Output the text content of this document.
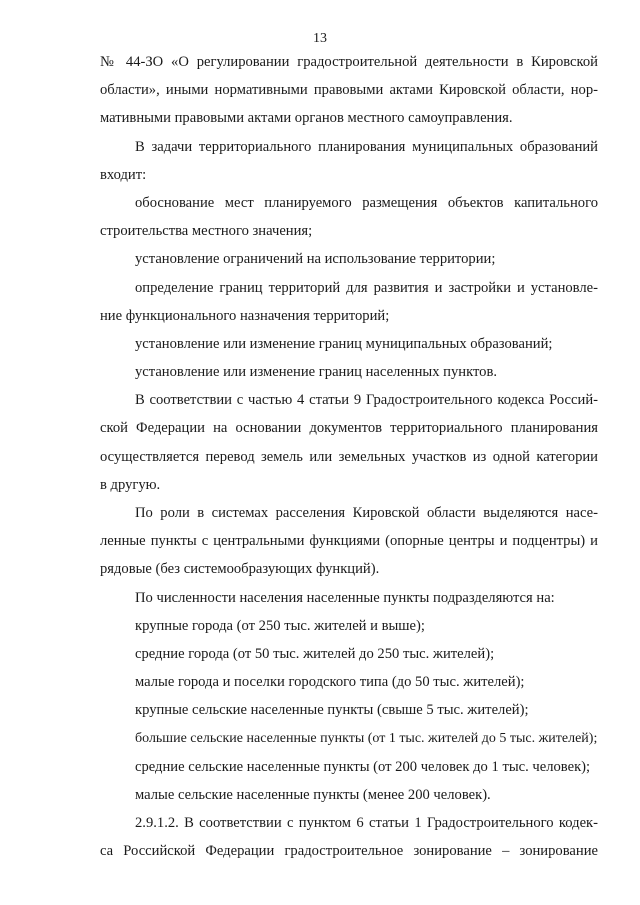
13
№ 44-ЗО «О регулировании градостроительной деятельности в Кировской
области», иными нормативными правовыми актами Кировской области, нор-
мативными правовыми актами органов местного самоуправления.
В задачи территориального планирования муниципальных образований
входит:
обоснование мест планируемого размещения объектов капитального
строительства местного значения;
установление ограничений на использование территории;
определение границ территорий для развития и застройки и установле-
ние функционального назначения территорий;
установление или изменение границ муниципальных образований;
установление или изменение границ населенных пунктов.
В соответствии с частью 4 статьи 9 Градостроительного кодекса Россий-
ской Федерации на основании документов территориального планирования
осуществляется перевод земель или земельных участков из одной категории
в другую.
По роли в системах расселения Кировской области выделяются насе-
ленные пункты с центральными функциями (опорные центры и подцентры) и
рядовые (без системообразующих функций).
По численности населения населенные пункты подразделяются на:
крупные города (от 250 тыс. жителей и выше);
средние города (от 50 тыс. жителей до 250 тыс. жителей);
малые города и поселки городского типа (до 50 тыс. жителей);
крупные сельские населенные пункты (свыше 5 тыс. жителей);
большие сельские населенные пункты (от 1 тыс. жителей до 5 тыс. жителей);
средние сельские населенные пункты (от 200 человек до 1 тыс. человек);
малые сельские населенные пункты (менее 200 человек).
2.9.1.2. В соответствии с пунктом 6 статьи 1 Градостроительного кодек-
са Российской Федерации градостроительное зонирование – зонирование
